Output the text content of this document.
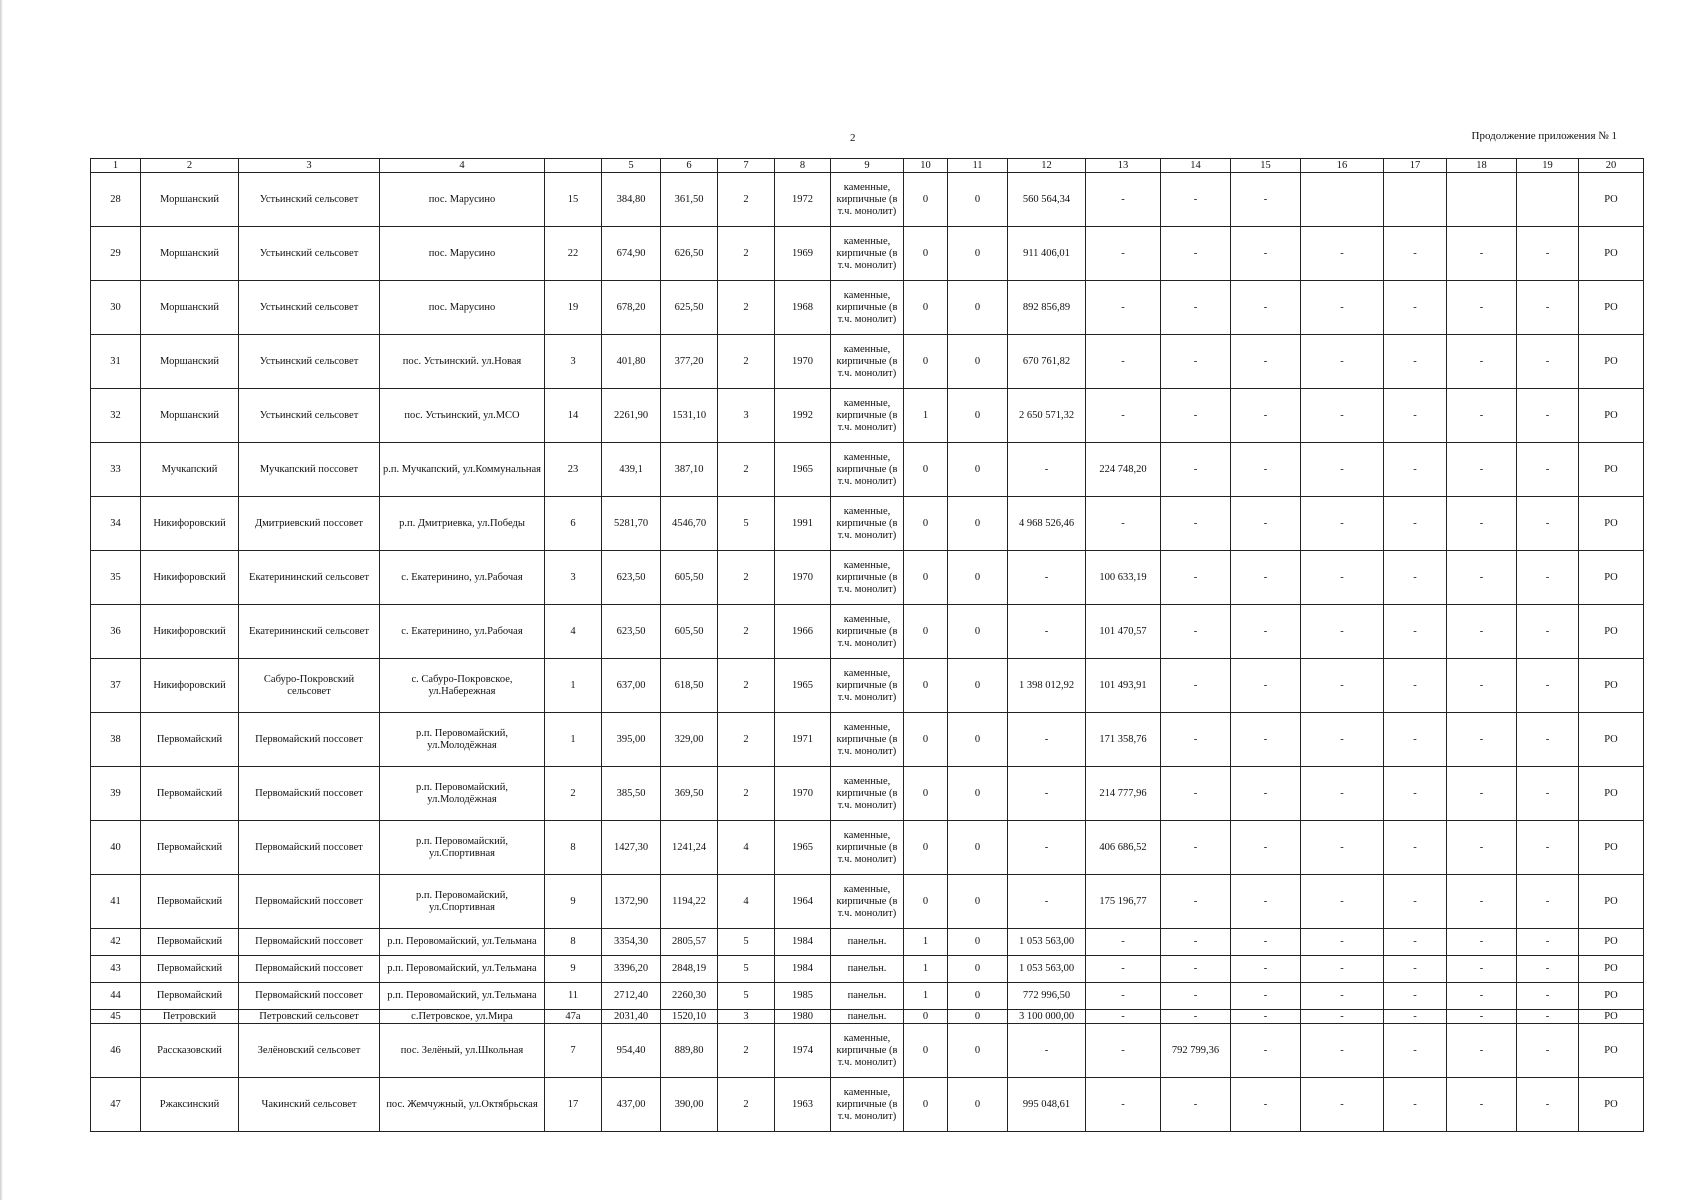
2	Продолжение приложения № 1
1	2	3	4		5	6	7	8	9	10	11	12	13	14	15	16	17	18	19	20
28	Моршанский	Устьинский сельсовет	пос. Марусино	15	384,80	361,50	2	1972	каменные, кирпичные (в т.ч. монолит)	0	0	560 564,34	-	-	-					РО
29	Моршанский	Устьинский сельсовет	пос. Марусино	22	674,90	626,50	2	1969	каменные, кирпичные (в т.ч. монолит)	0	0	911 406,01	-	-	-	-	-	-	-	РО
30	Моршанский	Устьинский сельсовет	пос. Марусино	19	678,20	625,50	2	1968	каменные, кирпичные (в т.ч. монолит)	0	0	892 856,89	-	-	-	-	-	-	-	РО
31	Моршанский	Устьинский сельсовет	пос. Устьинский. ул.Новая	3	401,80	377,20	2	1970	каменные, кирпичные (в т.ч. монолит)	0	0	670 761,82	-	-	-	-	-	-	-	РО
32	Моршанский	Устьинский сельсовет	пос. Устьинский, ул.МСО	14	2261,90	1531,10	3	1992	каменные, кирпичные (в т.ч. монолит)	1	0	2 650 571,32	-	-	-	-	-	-	-	РО
33	Мучкапский	Мучкапский поссовет	р.п. Мучкапский, ул.Коммунальная	23	439,1	387,10	2	1965	каменные, кирпичные (в т.ч. монолит)	0	0	-	224 748,20	-	-	-	-	-	-	РО
34	Никифоровский	Дмитриевский поссовет	р.п. Дмитриевка, ул.Победы	6	5281,70	4546,70	5	1991	каменные, кирпичные (в т.ч. монолит)	0	0	4 968 526,46	-	-	-	-	-	-	-	РО
35	Никифоровский	Екатерининский сельсовет	с. Екатеринино, ул.Рабочая	3	623,50	605,50	2	1970	каменные, кирпичные (в т.ч. монолит)	0	0	-	100 633,19	-	-	-	-	-	-	РО
36	Никифоровский	Екатерининский сельсовет	с. Екатеринино, ул.Рабочая	4	623,50	605,50	2	1966	каменные, кирпичные (в т.ч. монолит)	0	0	-	101 470,57	-	-	-	-	-	-	РО
37	Никифоровский	Сабуро-Покровский сельсовет	с. Сабуро-Покровское, ул.Набережная	1	637,00	618,50	2	1965	каменные, кирпичные (в т.ч. монолит)	0	0	1 398 012,92	101 493,91	-	-	-	-	-	-	РО
38	Первомайский	Первомайский поссовет	р.п. Перовомайский, ул.Молодёжная	1	395,00	329,00	2	1971	каменные, кирпичные (в т.ч. монолит)	0	0	-	171 358,76	-	-	-	-	-	-	РО
39	Первомайский	Первомайский поссовет	р.п. Перовомайский, ул.Молодёжная	2	385,50	369,50	2	1970	каменные, кирпичные (в т.ч. монолит)	0	0	-	214 777,96	-	-	-	-	-	-	РО
40	Первомайский	Первомайский поссовет	р.п. Перовомайский, ул.Спортивная	8	1427,30	1241,24	4	1965	каменные, кирпичные (в т.ч. монолит)	0	0	-	406 686,52	-	-	-	-	-	-	РО
41	Первомайский	Первомайский поссовет	р.п. Перовомайский, ул.Спортивная	9	1372,90	1194,22	4	1964	каменные, кирпичные (в т.ч. монолит)	0	0	-	175 196,77	-	-	-	-	-	-	РО
42	Первомайский	Первомайский поссовет	р.п. Перовомайский, ул.Тельмана	8	3354,30	2805,57	5	1984	панельн.	1	0	1 053 563,00	-	-	-	-	-	-	-	РО
43	Первомайский	Первомайский поссовет	р.п. Перовомайский, ул.Тельмана	9	3396,20	2848,19	5	1984	панельн.	1	0	1 053 563,00	-	-	-	-	-	-	-	РО
44	Первомайский	Первомайский поссовет	р.п. Перовомайский, ул.Тельмана	11	2712,40	2260,30	5	1985	панельн.	1	0	772 996,50	-	-	-	-	-	-	-	РО
45	Петровский	Петровский сельсовет	с.Петровское, ул.Мира	47а	2031,40	1520,10	3	1980	панельн.	0	0	3 100 000,00	-	-	-	-	-	-	-	РО
46	Рассказовский	Зелёновский сельсовет	пос. Зелёный, ул.Школьная	7	954,40	889,80	2	1974	каменные, кирпичные (в т.ч. монолит)	0	0	-	-	792 799,36	-	-	-	-	-	РО
47	Ржаксинский	Чакинский сельсовет	пос. Жемчужный, ул.Октябрьская	17	437,00	390,00	2	1963	каменные, кирпичные (в т.ч. монолит)	0	0	995 048,61	-	-	-	-	-	-	-	РО
